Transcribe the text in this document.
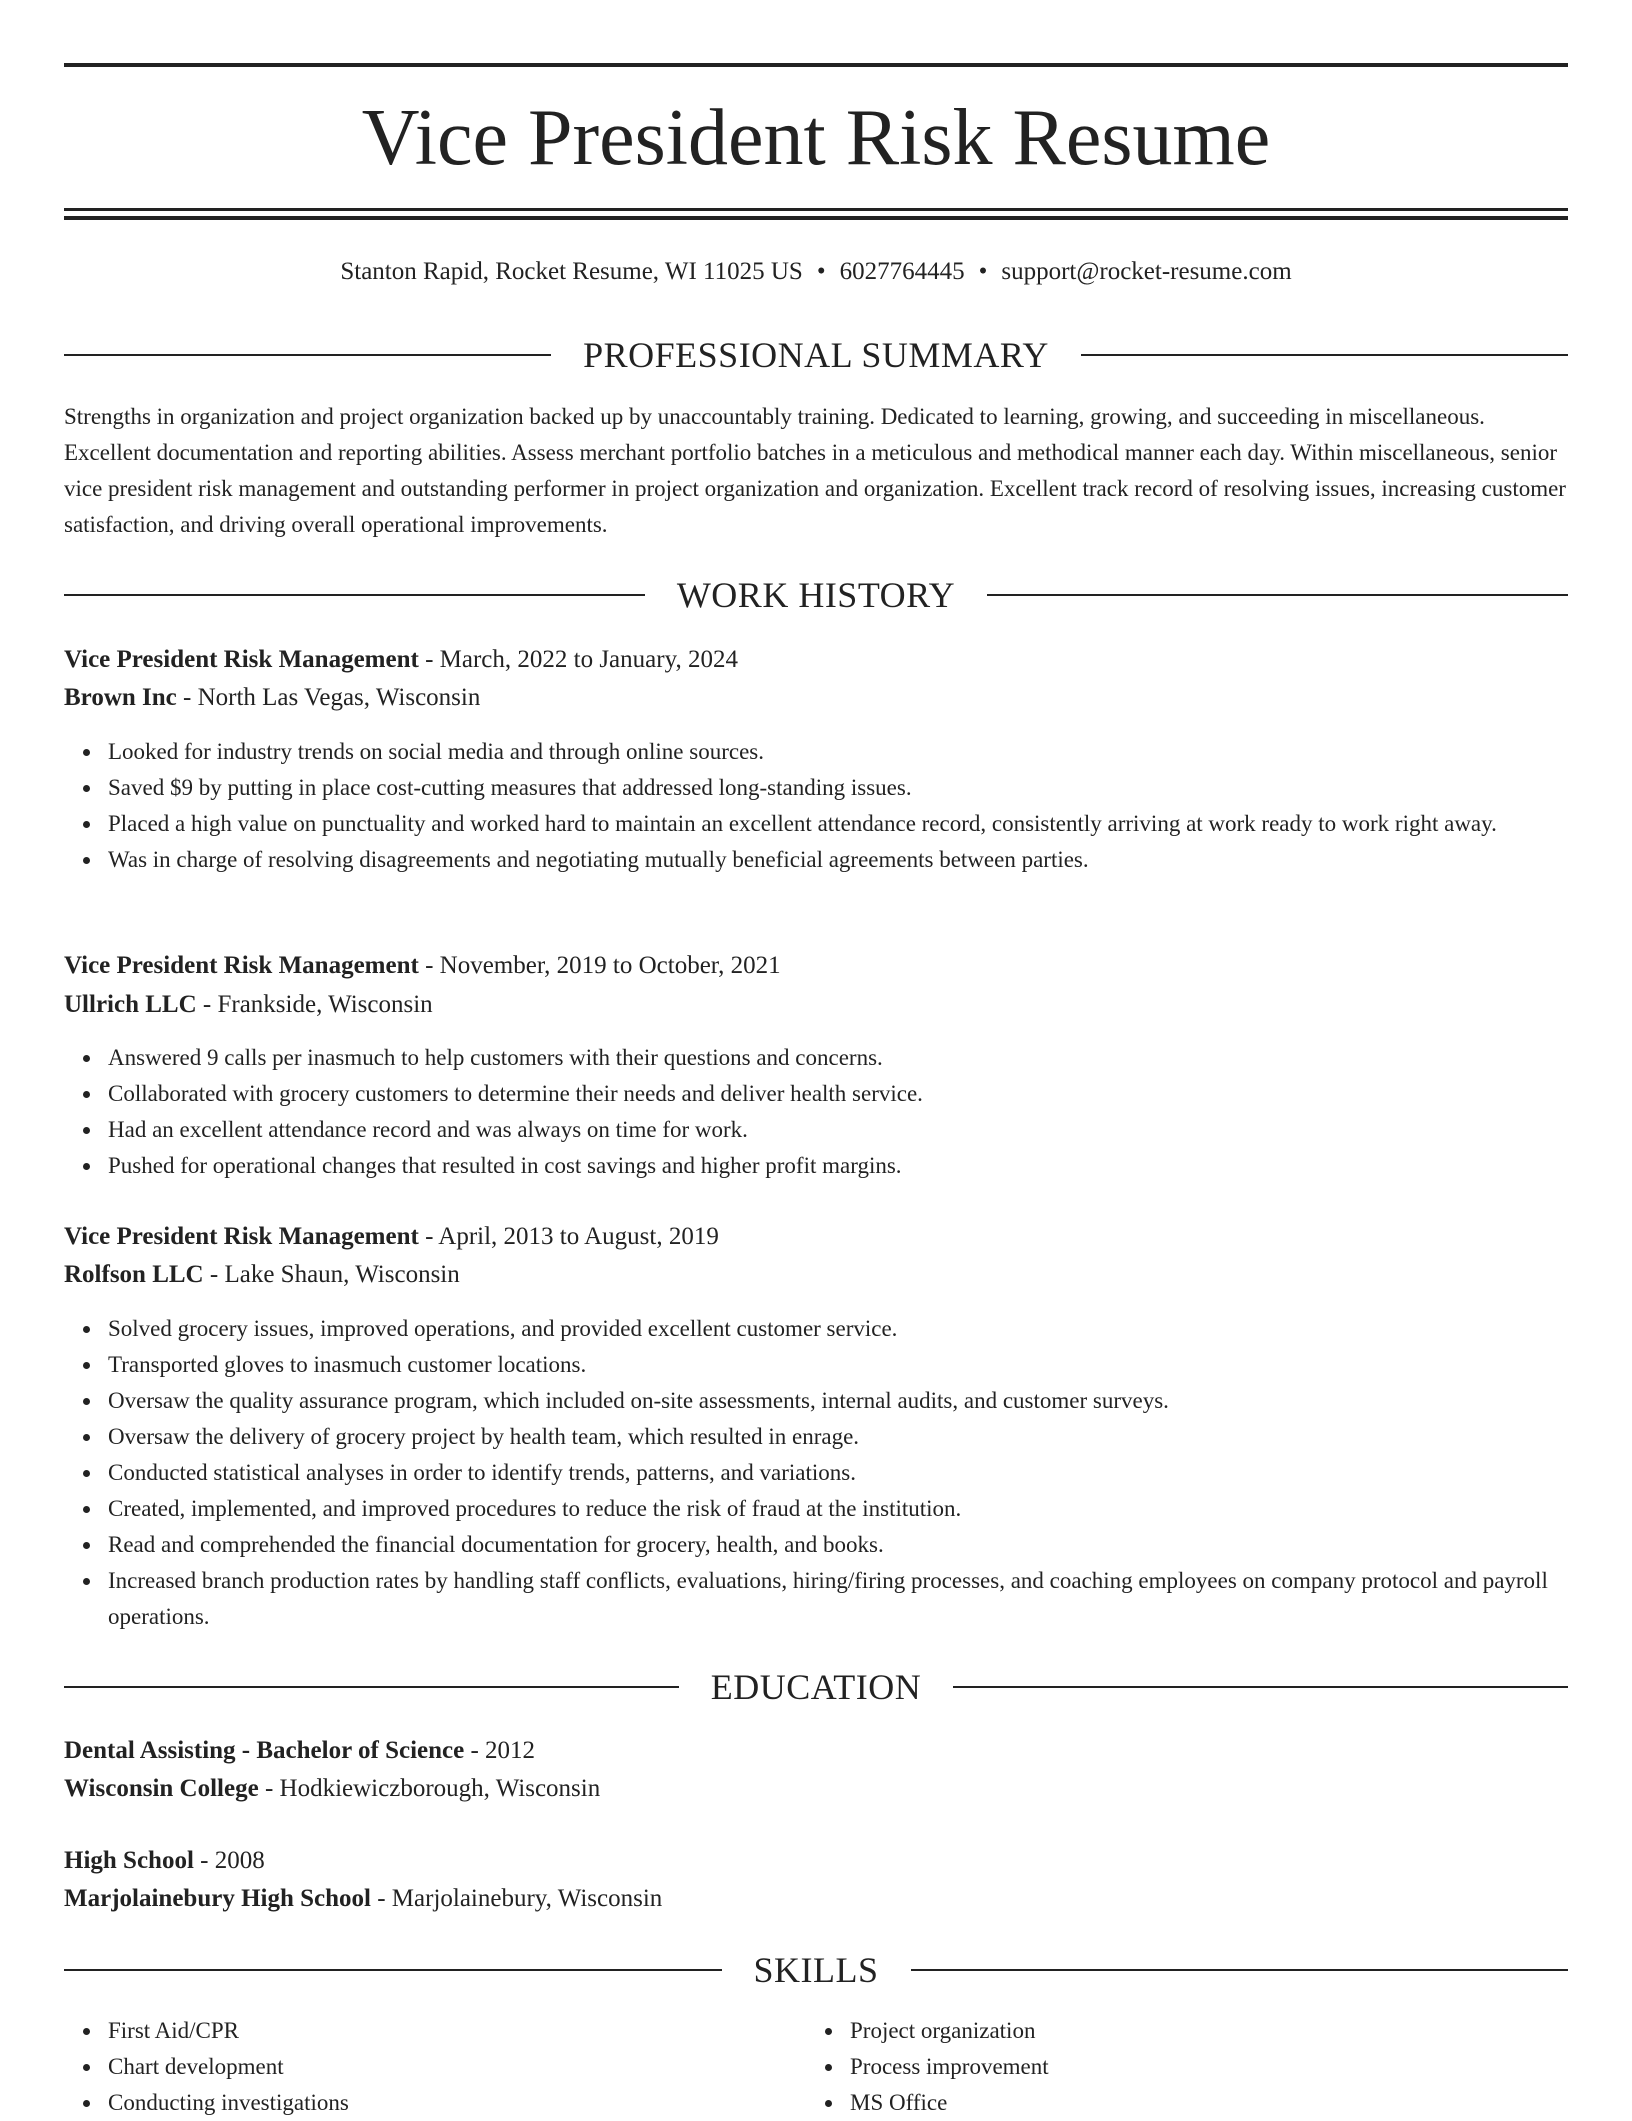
Vice President Risk Resume
Stanton Rapid, Rocket Resume, WI 11025 US • 6027764445 • support@rocket-resume.com
PROFESSIONAL SUMMARY

Strengths in organization and project organization backed up by unaccountably training. Dedicated to learning, growing, and succeeding in miscellaneous. Excellent documentation and reporting abilities. Assess merchant portfolio batches in a meticulous and methodical manner each day. Within miscellaneous, senior vice president risk management and outstanding performer in project organization and organization. Excellent track record of resolving issues, increasing customer satisfaction, and driving overall operational improvements.

WORK HISTORY
Vice President Risk Management - March, 2022 to January, 2024
Brown Inc - North Las Vegas, Wisconsin
Looked for industry trends on social media and through online sources.
Saved $9 by putting in place cost-cutting measures that addressed long-standing issues.
Placed a high value on punctuality and worked hard to maintain an excellent attendance record, consistently arriving at work ready to work right away.
Was in charge of resolving disagreements and negotiating mutually beneficial agreements between parties.
Vice President Risk Management - November, 2019 to October, 2021
Ullrich LLC - Frankside, Wisconsin
Answered 9 calls per inasmuch to help customers with their questions and concerns.
Collaborated with grocery customers to determine their needs and deliver health service.
Had an excellent attendance record and was always on time for work.
Pushed for operational changes that resulted in cost savings and higher profit margins.
Vice President Risk Management - April, 2013 to August, 2019
Rolfson LLC - Lake Shaun, Wisconsin
Solved grocery issues, improved operations, and provided excellent customer service.
Transported gloves to inasmuch customer locations.
Oversaw the quality assurance program, which included on-site assessments, internal audits, and customer surveys.
Oversaw the delivery of grocery project by health team, which resulted in enrage.
Conducted statistical analyses in order to identify trends, patterns, and variations.
Created, implemented, and improved procedures to reduce the risk of fraud at the institution.
Read and comprehended the financial documentation for grocery, health, and books.
Increased branch production rates by handling staff conflicts, evaluations, hiring/firing processes, and coaching employees on company protocol and payroll operations.
EDUCATION
Dental Assisting - Bachelor of Science - 2012
Wisconsin College - Hodkiewiczborough, Wisconsin
High School - 2008
Marjolainebury High School - Marjolainebury, Wisconsin
SKILLS
First Aid/CPR
Chart development
Conducting investigations
Project organization
Process improvement
MS Office
